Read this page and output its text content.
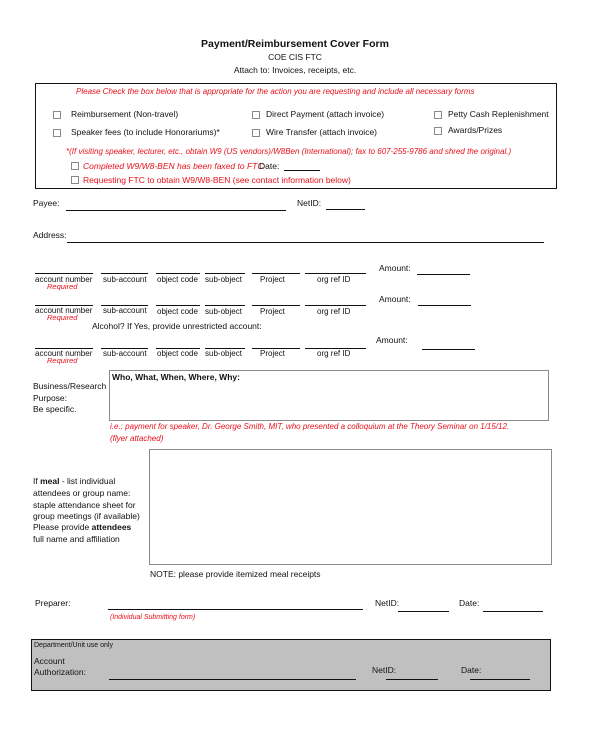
Payment/Reimbursement Cover Form
COE CIS FTC
Attach to: Invoices, receipts, etc.
Please Check the box below that is appropriate for the action you are requesting and include all necessary forms
Reimbursement (Non-travel)	Direct Payment (attach invoice)	Petty Cash Replenishment
Speaker fees (to include Honorariums)*	Wire Transfer (attach invoice)	Awards/Prizes
*(If visiting speaker, lecturer, etc., obtain W9 (US vendors)/W8Ben (International); fax to 607-255-9786 and shred the original.)
Completed W9/W8-BEN has been faxed to FTC
Date:
Requesting FTC to obtain W9/W8-BEN (see contact information below)
Payee:	NetID:
Address:
account number sub-account object code sub-object Project	org ref ID
Required
Amount:
account number sub-account object code sub-object Project	org ref ID
Required
Amount:
Alcohol? If Yes, provide unrestricted account:
account number sub-account object code sub-object Project	org ref ID
Required
Amount:
Business/Research
Purpose:
Be specific.
Who, What, When, Where, Why:
i.e.: payment for speaker, Dr. George Smith, MIT, who presented a colloquium at the Theory Seminar on 1/15/12.
(flyer attached)
If meal - list individual
attendees or group name:
staple attendance sheet for
group meetings (if available)
Please provide attendees
full name and affiliation
NOTE: please provide itemized meal receipts
Preparer:
(Individual Submitting form)
NetID:	Date:
Department/Unit use only
Account
Authorization:	NetID:	Date:
